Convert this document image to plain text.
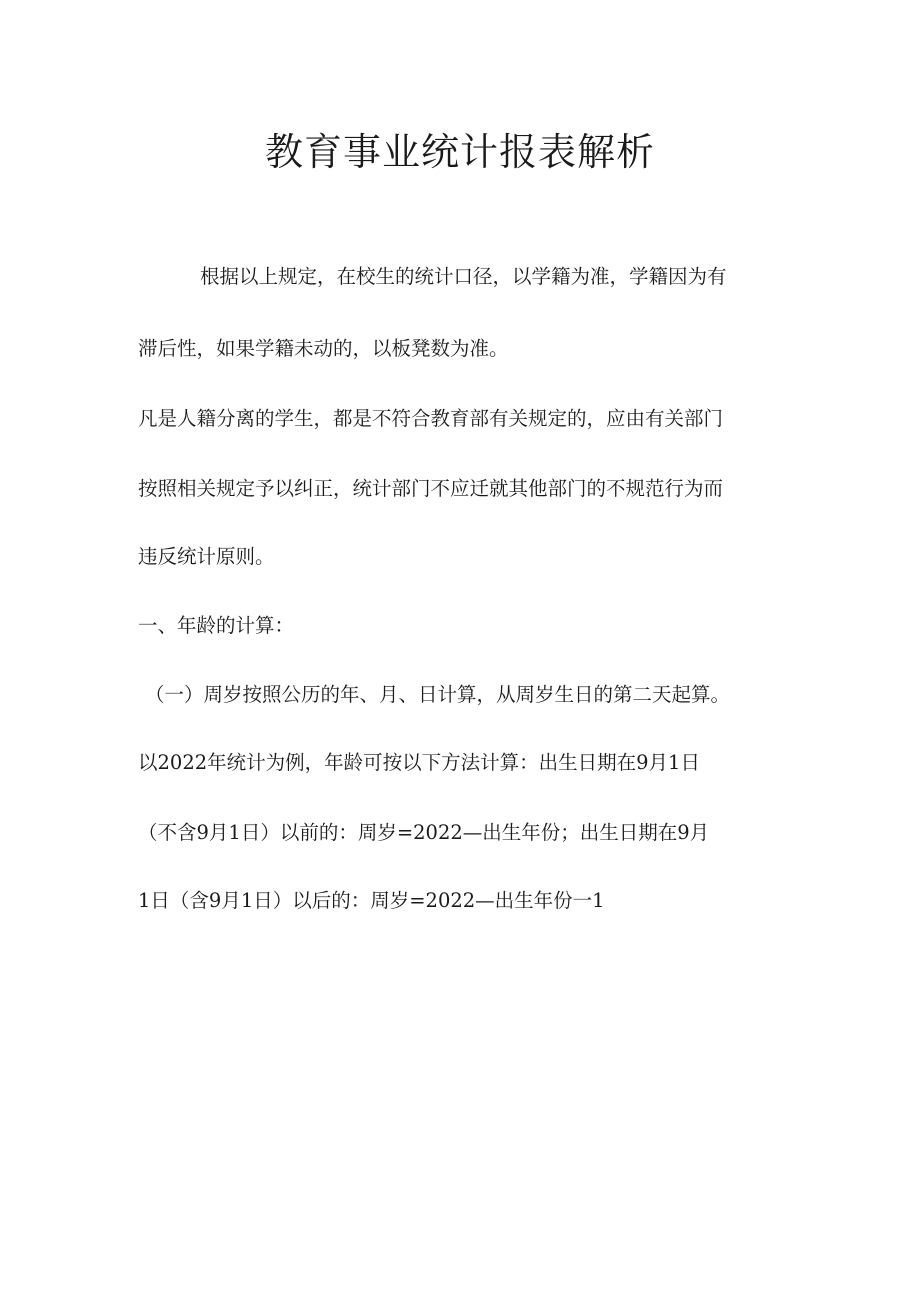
教育事业统计报表解析
根据以上规定，在校生的统计口径，以学籍为准，学籍因为有
滞后性，如果学籍未动的，以板凳数为准。
凡是人籍分离的学生，都是不符合教育部有关规定的，应由有关部门
按照相关规定予以纠正，统计部门不应迁就其他部门的不规范行为而
违反统计原则。
一、年龄的计算：
（一）周岁按照公历的年、月、日计算，从周岁生日的第二天起算。
以2022年统计为例，年龄可按以下方法计算：出生日期在9月1日
（不含9月1日）以前的：周岁=2022—出生年份；出生日期在9月
1日（含9月1日）以后的：周岁=2022—出生年份一1
